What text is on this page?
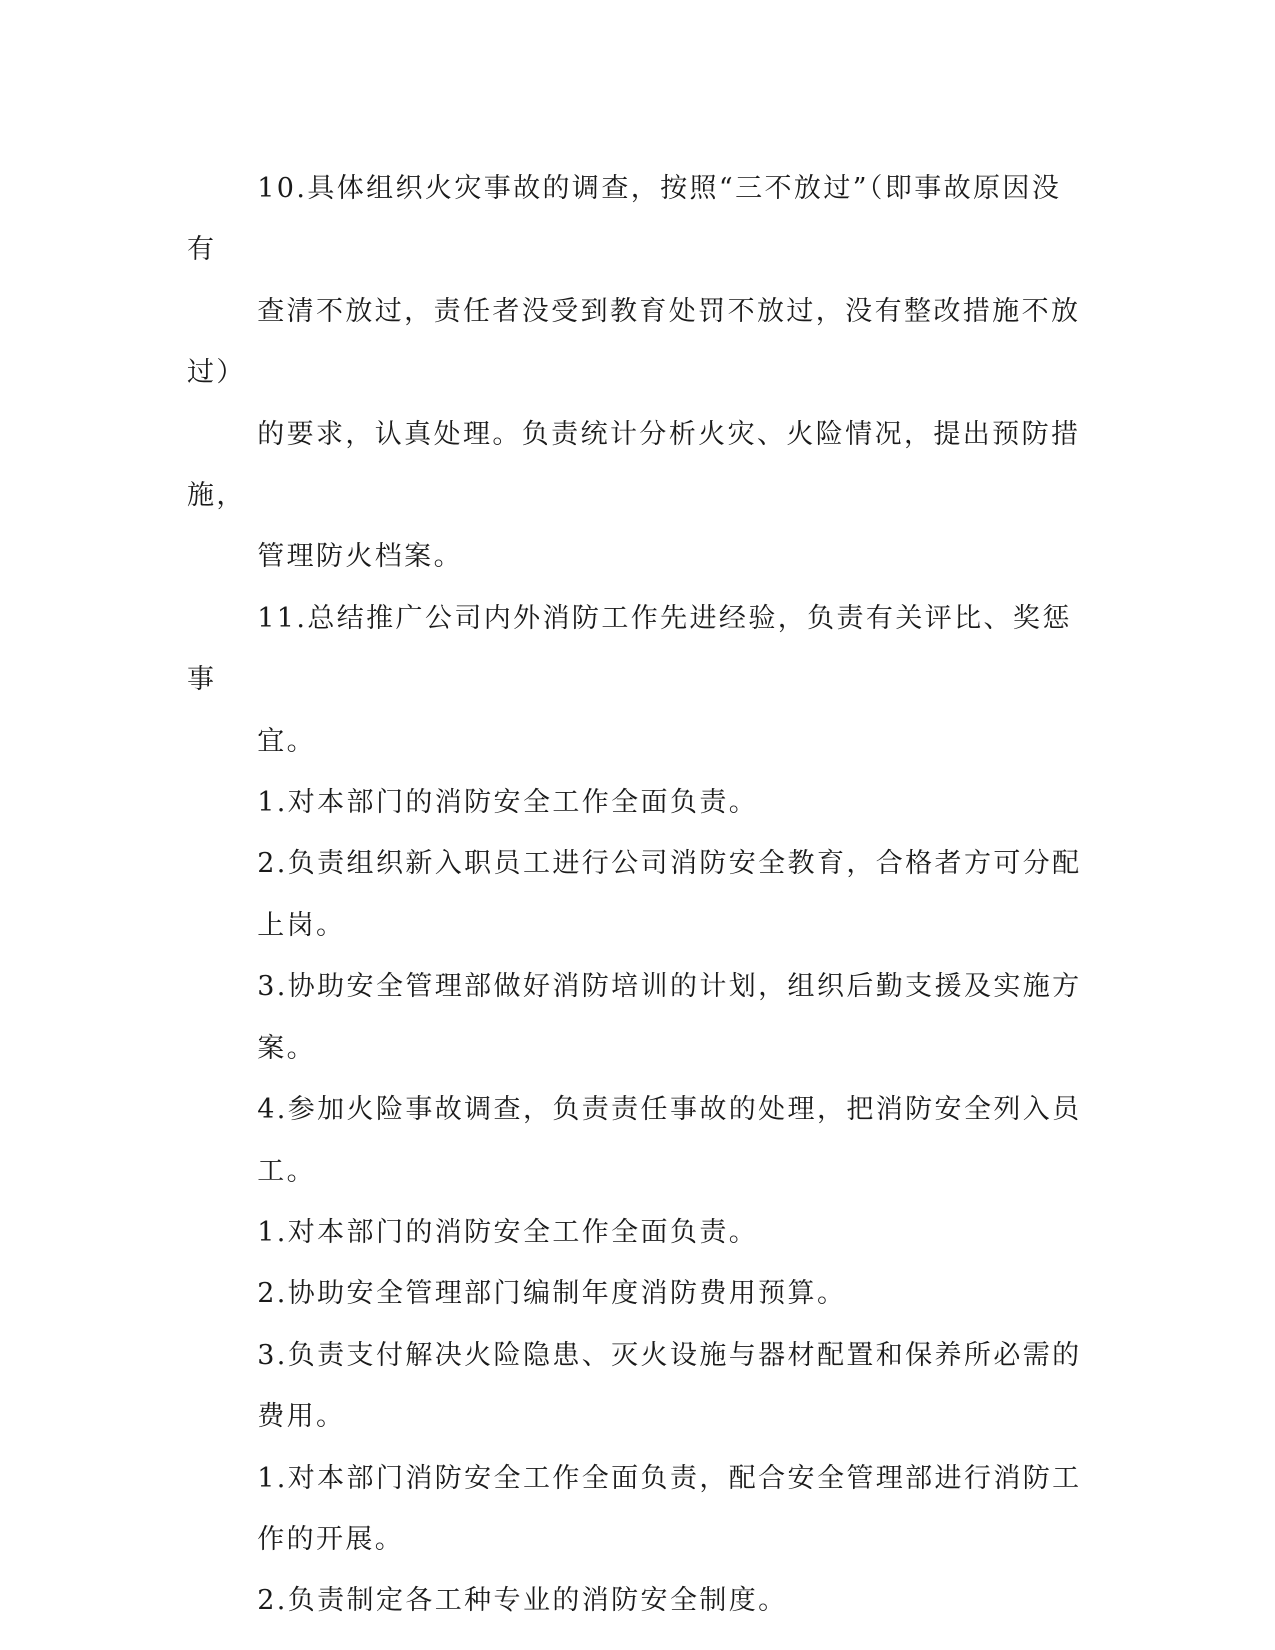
10.具体组织火灾事故的调查，按照“三不放过”（即事故原因没有
查清不放过，责任者没受到教育处罚不放过，没有整改措施不放过）
的要求，认真处理。负责统计分析火灾、火险情况，提出预防措施，
管理防火档案。

11.总结推广公司内外消防工作先进经验，负责有关评比、奖惩事
宜。

1.对本部门的消防安全工作全面负责。

2.负责组织新入职员工进行公司消防安全教育，合格者方可分配
上岗。

3.协助安全管理部做好消防培训的计划，组织后勤支援及实施方
案。

4.参加火险事故调查，负责责任事故的处理，把消防安全列入员
工。

1.对本部门的消防安全工作全面负责。

2.协助安全管理部门编制年度消防费用预算。

3.负责支付解决火险隐患、灭火设施与器材配置和保养所必需的
费用。

1.对本部门消防安全工作全面负责，配合安全管理部进行消防工
作的开展。

2.负责制定各工种专业的消防安全制度。
